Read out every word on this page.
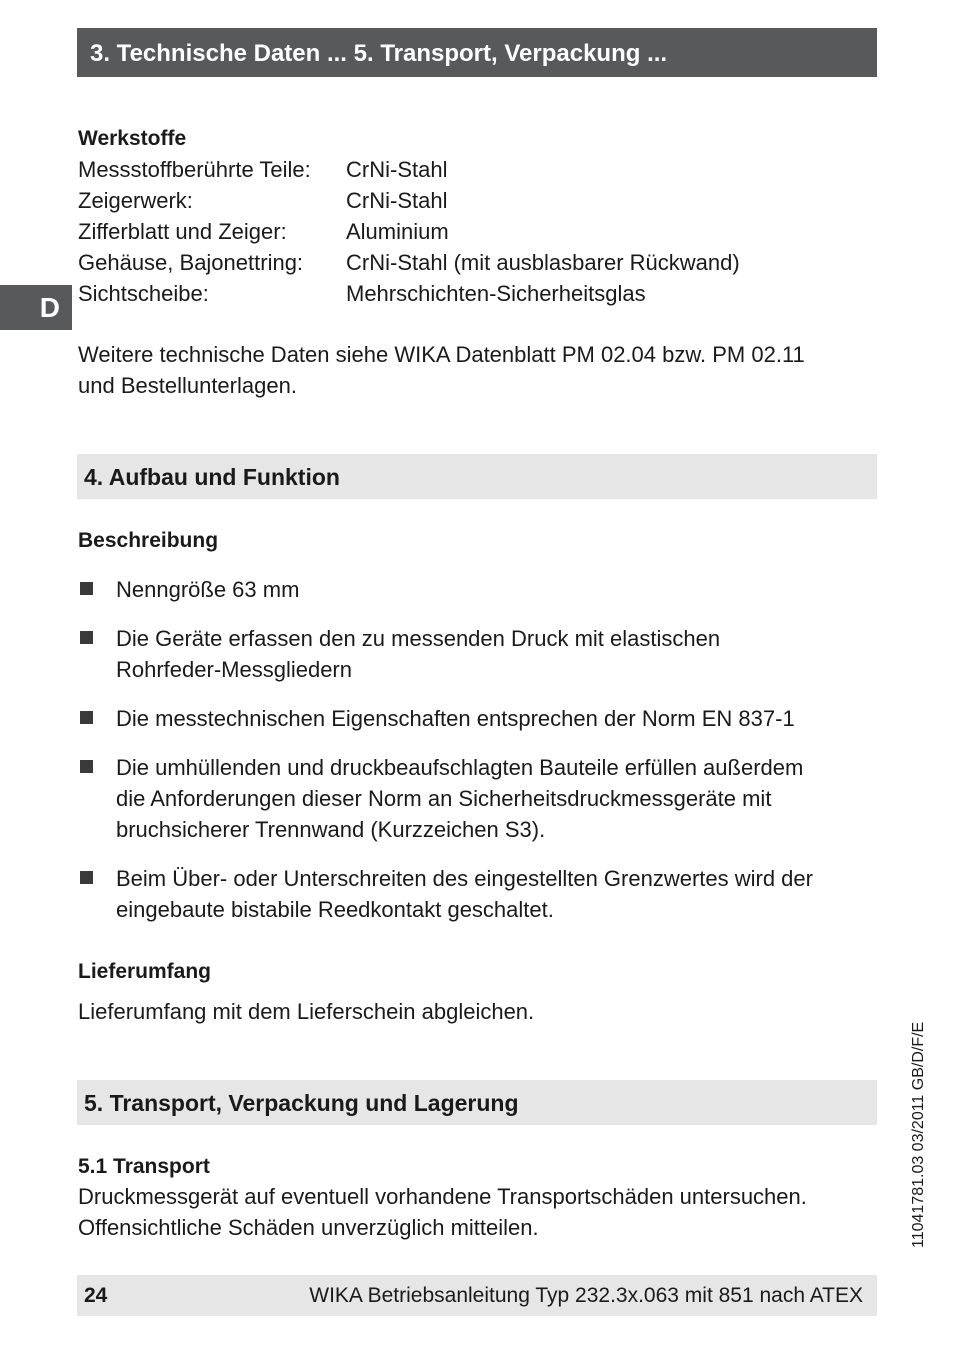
3. Technische Daten ... 5. Transport, Verpackung ...
D
Werkstoffe
Messstoffberührte Teile:	CrNi-Stahl
Zeigerwerk:	CrNi-Stahl
Zifferblatt und Zeiger:	Aluminium
Gehäuse, Bajonettring:	CrNi-Stahl (mit ausblasbarer Rückwand)
Sichtscheibe:	Mehrschichten-Sicherheitsglas
Weitere technische Daten siehe WIKA Datenblatt PM 02.04 bzw. PM 02.11
und Bestellunterlagen.
4. Aufbau und Funktion
Beschreibung
Nenngröße 63 mm
Die Geräte erfassen den zu messenden Druck mit elastischen
Rohrfeder-Messgliedern
Die messtechnischen Eigenschaften entsprechen der Norm EN 837-1
Die umhüllenden und druckbeaufschlagten Bauteile erfüllen außerdem
die Anforderungen dieser Norm an Sicherheitsdruckmessgeräte mit
bruchsicherer Trennwand (Kurzzeichen S3).
Beim Über- oder Unterschreiten des eingestellten Grenzwertes wird der
eingebaute bistabile Reedkontakt geschaltet.
Lieferumfang
Lieferumfang mit dem Lieferschein abgleichen.
5. Transport, Verpackung und Lagerung
5.1 Transport
Druckmessgerät auf eventuell vorhandene Transportschäden untersuchen.
Offensichtliche Schäden unverzüglich mitteilen.	11041781.03 03/2011 GB/D/F/E
24	WIKA Betriebsanleitung Typ 232.3x.063 mit 851 nach ATEX
